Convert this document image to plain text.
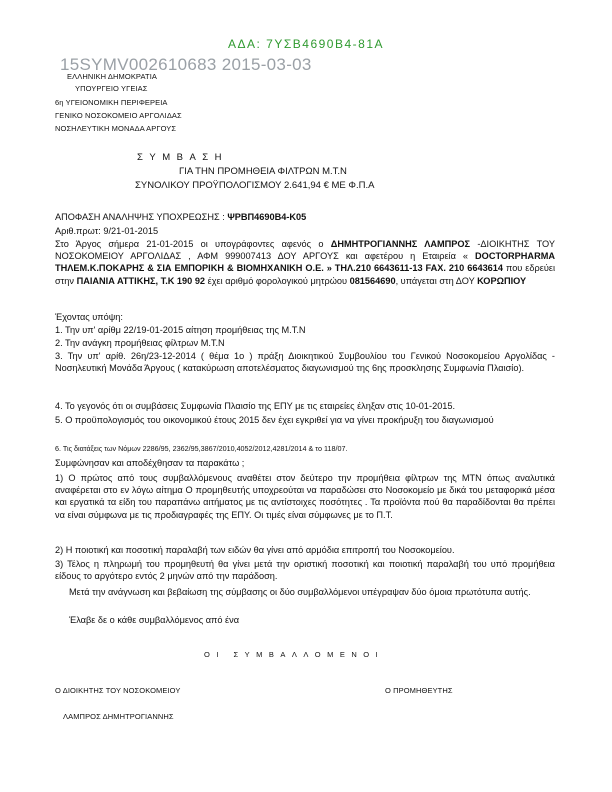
ΑΔΑ: 7ΥΣΒ4690Β4-81Α
15SYMV002610683 2015-03-03
ΕΛΛΗΝΙΚΗ ΔΗΜΟΚΡΑΤΙΑ
ΥΠΟΥΡΓΕΙΟ ΥΓΕΙΑΣ
6η ΥΓΕΙΟΝΟΜΙΚΗ ΠΕΡΙΦΕΡΕΙΑ
ΓΕΝΙΚΟ ΝΟΣΟΚΟΜΕΙΟ ΑΡΓΟΛΙΔΑΣ
ΝΟΣΗΛΕΥΤΙΚΗ ΜΟΝΑΔΑ ΑΡΓΟΥΣ
ΣΥΜΒΑΣΗ
ΓΙΑ ΤΗΝ ΠΡΟΜΗΘΕΙΑ ΦΙΛΤΡΩΝ Μ.Τ.Ν
ΣΥΝΟΛΙΚΟΥ ΠΡΟΫΠΟΛΟΓΙΣΜΟΥ 2.641,94 € ΜΕ Φ.Π.Α
ΑΠΟΦΑΣΗ ΑΝΑΛΗΨΗΣ ΥΠΟΧΡΕΩΣΗΣ : ΨΡΒΠ4690Β4-Κ05
Αριθ.πρωτ: 9/21-01-2015
Στο Άργος σήμερα 21-01-2015 οι υπογράφοντες αφενός ο ΔΗΜΗΤΡΟΓΙΑΝΝΗΣ ΛΑΜΠΡΟΣ -ΔΙΟΙΚΗΤΗΣ ΤΟΥ ΝΟΣΟΚΟΜΕΙΟΥ ΑΡΓΟΛΙΔΑΣ , ΑΦΜ 999007413 ΔΟΥ ΑΡΓΟΥΣ και αφετέρου η Εταιρεία « DOCTORPHARMA ΤΗΛΕΜ.Κ.ΠΟΚΑΡΗΣ & ΣΙΑ ΕΜΠΟΡΙΚΗ & ΒΙΟΜΗΧΑΝΙΚΗ Ο.Ε. » ΤΗΛ.210 6643611-13 FAX. 210 6643614 που εδρεύει στην ΠΑΙΑΝΙΑ ΑΤΤΙΚΗΣ, Τ.Κ 190 92 έχει αριθμό φορολογικού μητρώου 081564690, υπάγεται στη ΔΟΥ ΚΟΡΩΠΙΟΥ
Έχοντας υπόψη:
1. Την υπ' αρίθμ 22/19-01-2015 αίτηση προμήθειας της Μ.Τ.Ν
2. Την ανάγκη προμήθειας φίλτρων Μ.Τ.Ν
3. Την υπ' αρίθ. 26η/23-12-2014 ( θέμα 1ο ) πράξη Διοικητικού Συμβουλίου του Γενικού Νοσοκομείου Αργολίδας - Νοσηλευτική Μονάδα Άργους ( κατακύρωση αποτελέσματος διαγωνισμού της 6ης προσκλησης Συμφωνία Πλαισίο).
4. Το γεγονός ότι οι συμβάσεις Συμφωνία Πλαισίο της ΕΠΥ με τις εταιρείες έληξαν στις 10-01-2015.
5. Ο προϋπολογισμός του οικονομικού έτους 2015 δεν έχει εγκριθεί για να γίνει προκήρυξη του διαγωνισμού
6. Τις διατάξεις των Νόμων 2286/95, 2362/95,3867/2010,4052/2012,4281/2014 & το 118/07.
Συμφώνησαν και αποδέχθησαν τα παρακάτω ;
1) Ο πρώτος από τους συμβαλλόμενους αναθέτει στον δεύτερο την προμήθεια φίλτρων της ΜΤΝ όπως αναλυτικά αναφέρεται στο εν λόγω αίτημα Ο προμηθευτής υποχρεούται να παραδώσει στο Νοσοκομείο με δικά του μεταφορικά μέσα και εργατικά τα είδη του παραπάνω αιτήματος με τις αντίστοιχες ποσότητες . Τα προϊόντα πού θα παραδίδονται θα πρέπει να είναι σύμφωνα με τις προδιαγραφές της ΕΠΥ. Οι τιμές είναι σύμφωνες με το Π.Τ.
2) Η ποιοτική και ποσοτική παραλαβή των ειδών θα γίνει από αρμόδια επιτροπή του Νοσοκομείου.
3) Τέλος η πληρωμή του προμηθευτή θα γίνει μετά την οριστική ποσοτική και ποιοτική παραλαβή του υπό προμήθεια είδους το αργότερο εντός 2 μηνών από την παράδοση.
Μετά την ανάγνωση και βεβαίωση της σύμβασης οι δύο συμβαλλόμενοι υπέγραψαν δύο όμοια πρωτότυπα αυτής.
Έλαβε δε ο κάθε συμβαλλόμενος από ένα
ΟΙ ΣΥΜΒΑΛΛΟΜΕΝΟΙ
Ο ΔΙΟΙΚΗΤΗΣ ΤΟΥ ΝΟΣΟΚΟΜΕΙΟΥ	Ο ΠΡΟΜΗΘΕΥΤΗΣ
ΛΑΜΠΡΟΣ ΔΗΜΗΤΡΟΓΙΑΝΝΗΣ
